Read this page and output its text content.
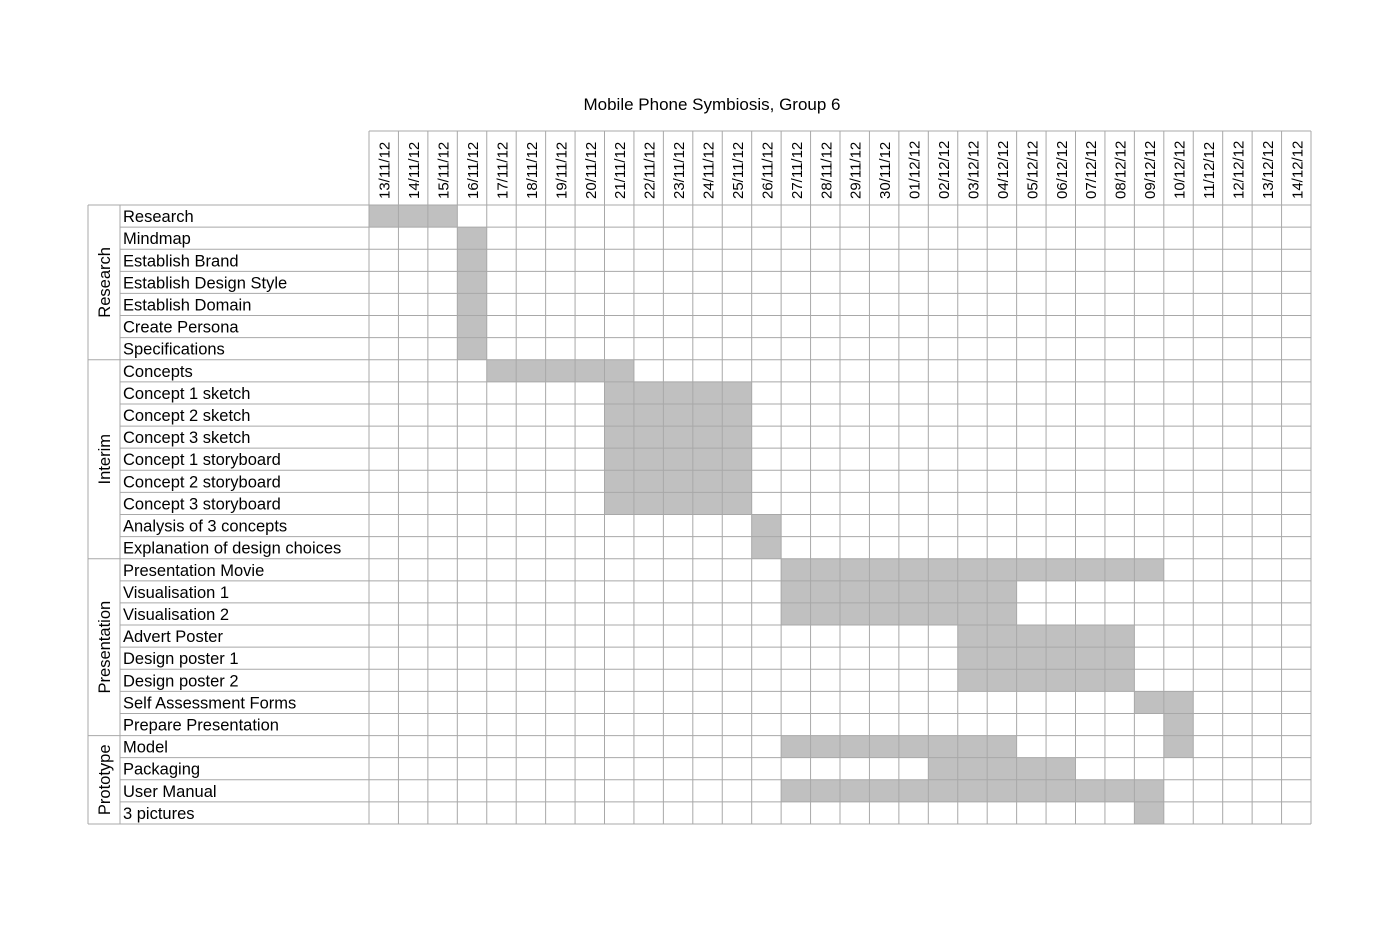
Mobile Phone Symbiosis, Group 6
13/11/12 14/11/12 15/11/12 16/11/12 17/11/12 18/11/12 19/11/12 20/11/12 21/11/12 22/11/12 23/11/12 24/11/12 25/11/12 26/11/12 27/11/12 28/11/12 29/11/12 30/11/12 01/12/12 02/12/12 03/12/12 04/12/12 05/12/12 06/12/12 07/12/12 08/12/12 09/12/12 10/12/12 11/12/12 12/12/12 13/12/12 14/12/12
Research
Mindmap
Establish Brand
Establish Design Style
Establish Domain
Create Persona
Specifications
Concepts
Concept 1 sketch
Concept 2 sketch
Concept 3 sketch
Concept 1 storyboard
Concept 2 storyboard
Concept 3 storyboard
Analysis of 3 concepts
Explanation of design choices
Presentation Movie
Visualisation 1
Visualisation 2
Advert Poster
Design poster 1
Design poster 2
Self Assessment Forms
Prepare Presentation
Model
Packaging
User Manual
3 pictures
Research
Interim
Presentation
Prototype
